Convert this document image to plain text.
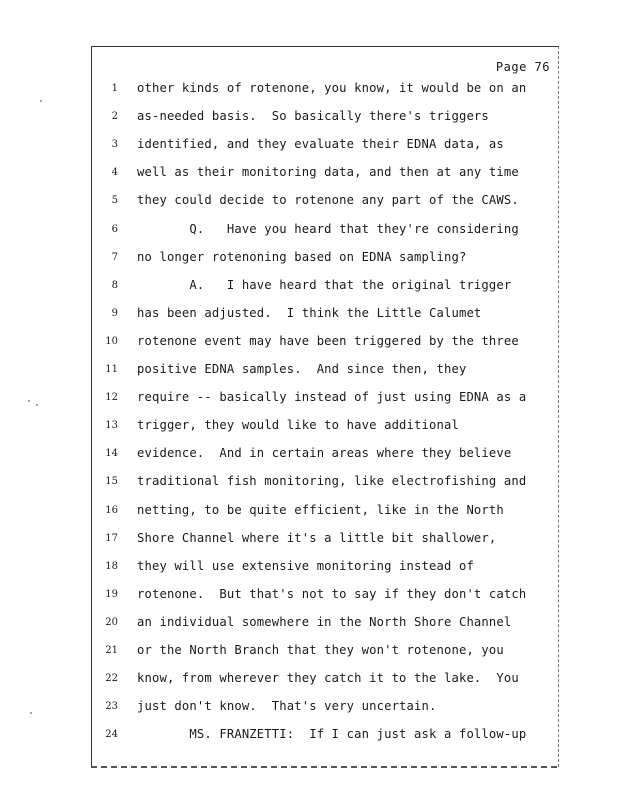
Page 76
1 other kinds of rotenone, you know, it would be on an
2 as-needed basis.  So basically there's triggers
3 identified, and they evaluate their EDNA data, as
4 well as their monitoring data, and then at any time
5 they could decide to rotenone any part of the CAWS.
6 Q.   Have you heard that they're considering
7 no longer rotenoning based on EDNA sampling?
8 A.   I have heard that the original trigger
9 has been adjusted.  I think the Little Calumet
10 rotenone event may have been triggered by the three
11 positive EDNA samples.  And since then, they
12 require -- basically instead of just using EDNA as a
13 trigger, they would like to have additional
14 evidence.  And in certain areas where they believe
15 traditional fish monitoring, like electrofishing and
16 netting, to be quite efficient, like in the North
17 Shore Channel where it's a little bit shallower,
18 they will use extensive monitoring instead of
19 rotenone.  But that's not to say if they don't catch
20 an individual somewhere in the North Shore Channel
21 or the North Branch that they won't rotenone, you
22 know, from wherever they catch it to the lake.  You
23 just don't know.  That's very uncertain.
24 MS. FRANZETTI:  If I can just ask a follow-up
